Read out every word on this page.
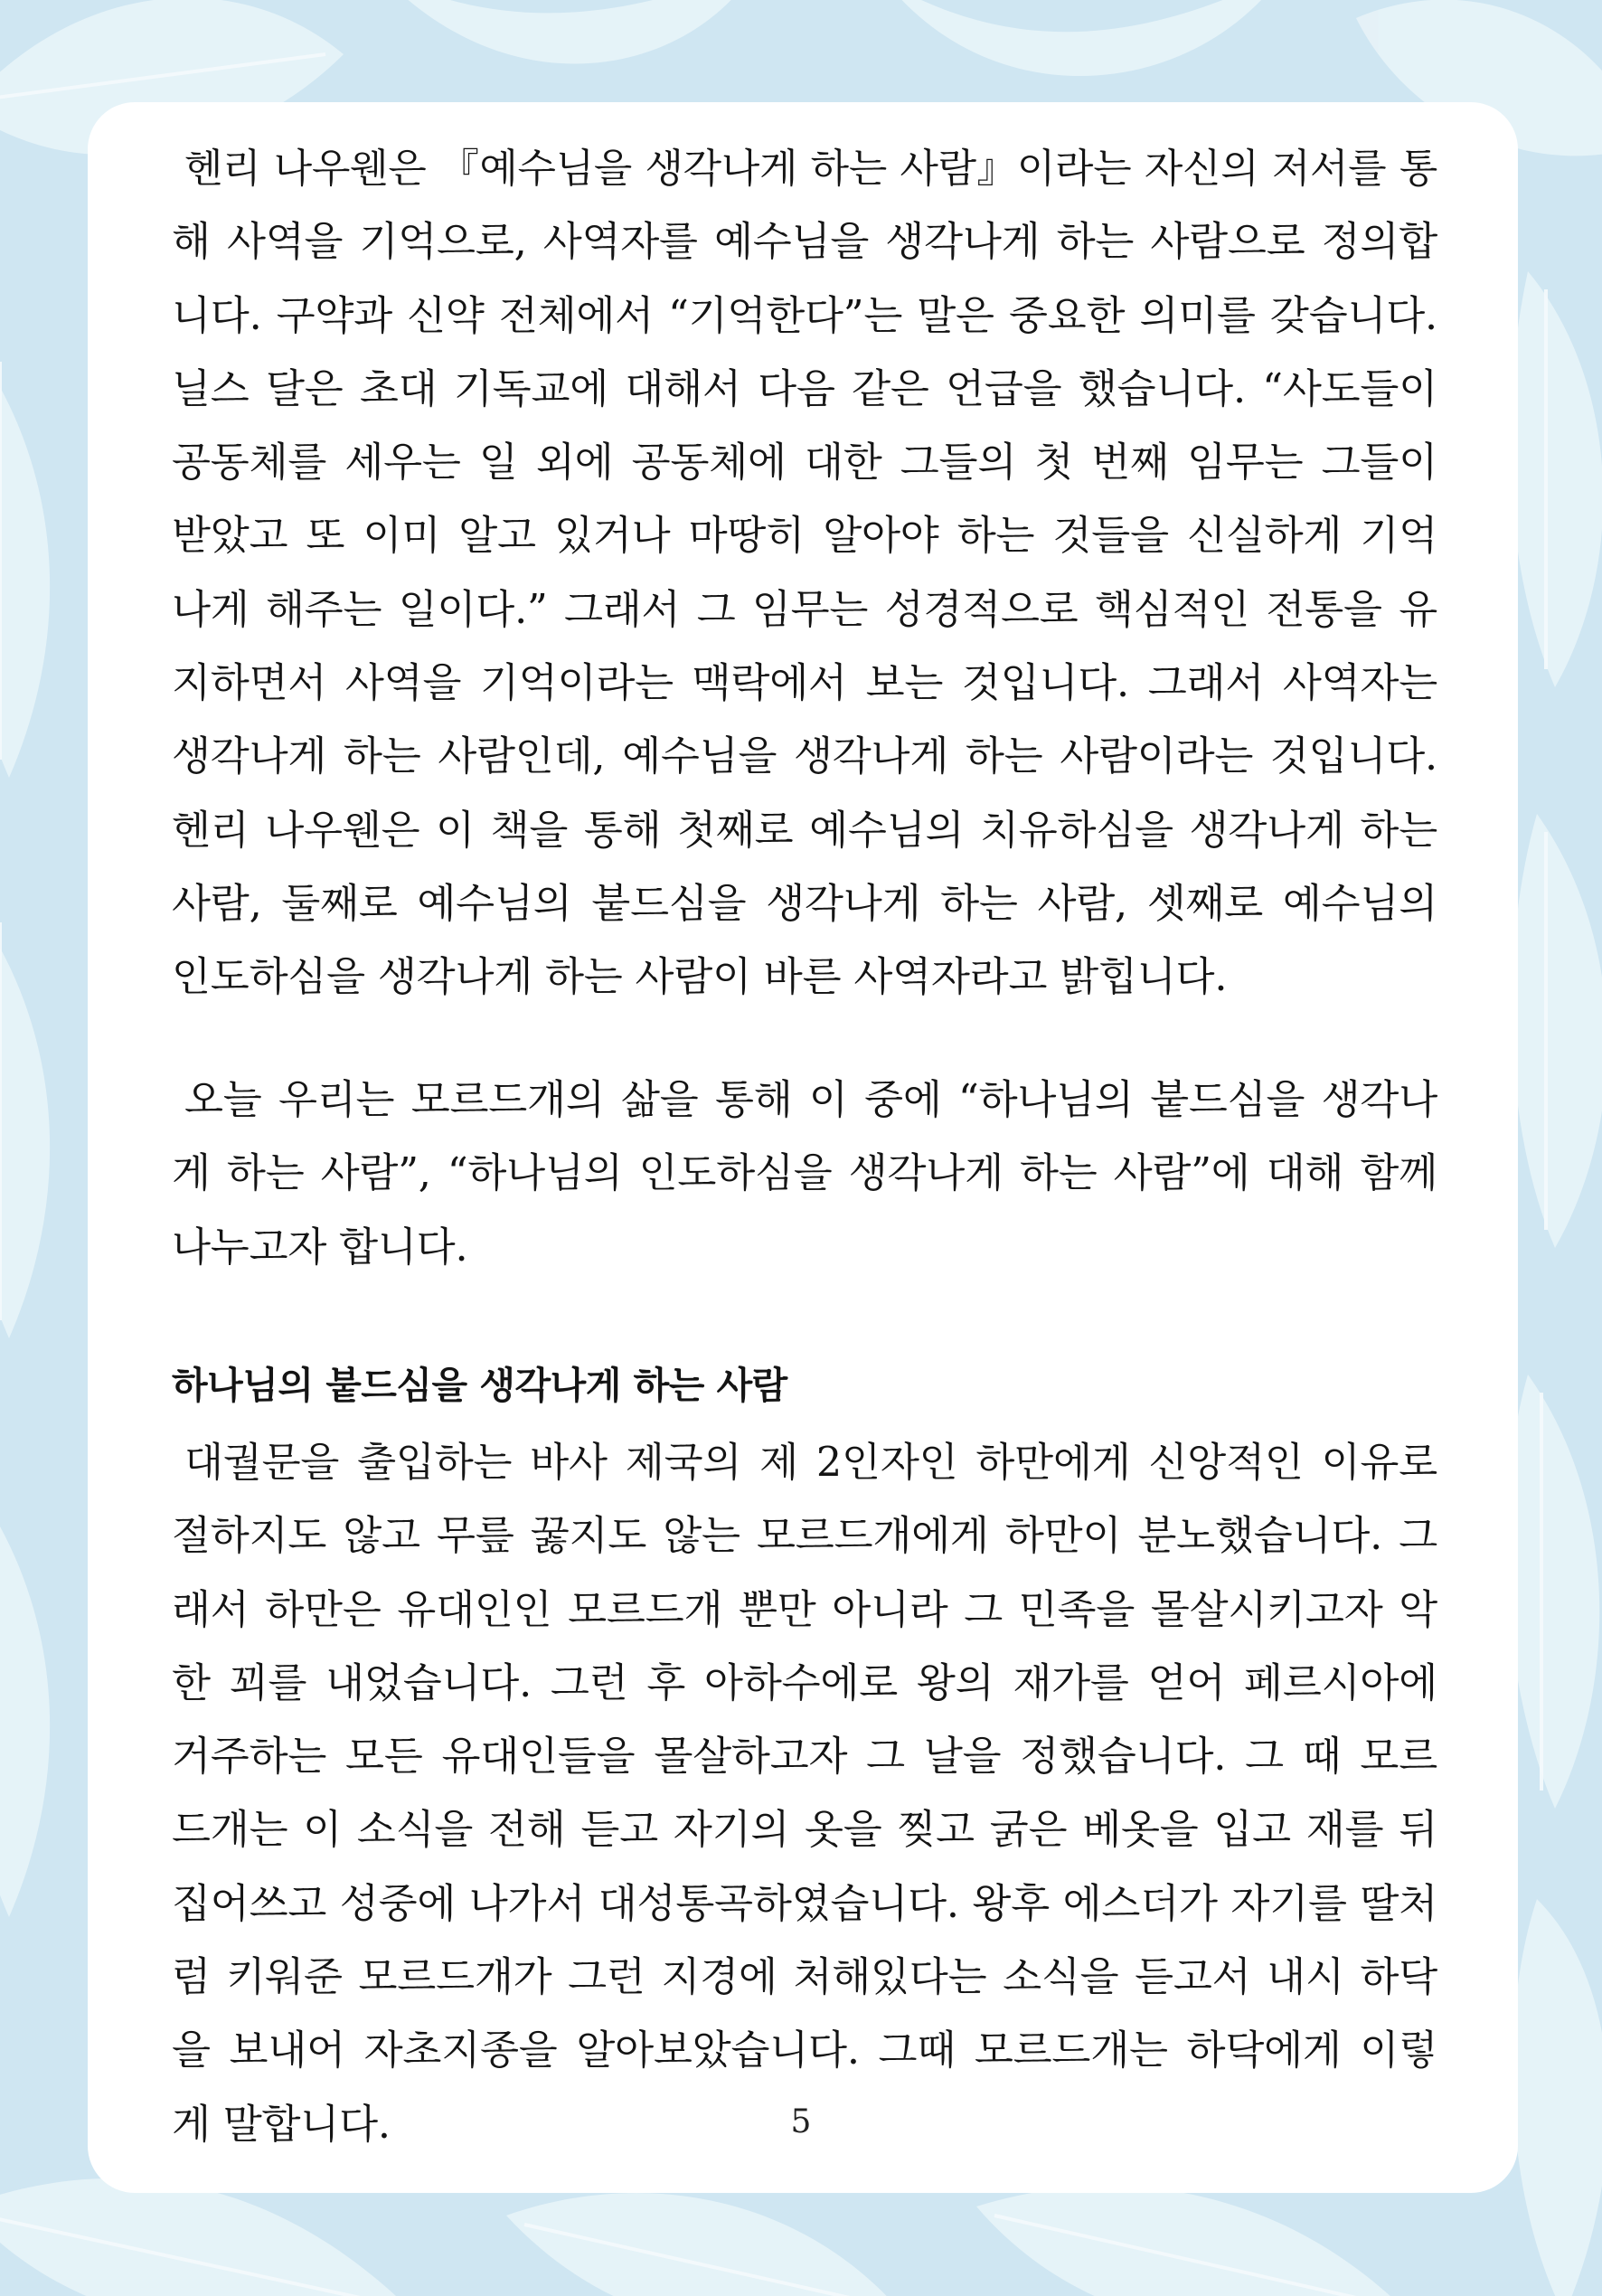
헨리 나우웬은 『예수님을 생각나게 하는 사람』이라는 자신의 저서를 통
해 사역을 기억으로, 사역자를 예수님을 생각나게 하는 사람으로 정의합
니다. 구약과 신약 전체에서 “기억한다”는 말은 중요한 의미를 갖습니다.
닐스 달은 초대 기독교에 대해서 다음 같은 언급을 했습니다. “사도들이
공동체를 세우는 일 외에 공동체에 대한 그들의 첫 번째 임무는 그들이
받았고 또 이미 알고 있거나 마땅히 알아야 하는 것들을 신실하게 기억
나게 해주는 일이다.” 그래서 그 임무는 성경적으로 핵심적인 전통을 유
지하면서 사역을 기억이라는 맥락에서 보는 것입니다. 그래서 사역자는
생각나게 하는 사람인데, 예수님을 생각나게 하는 사람이라는 것입니다.
헨리 나우웬은 이 책을 통해 첫째로 예수님의 치유하심을 생각나게 하는
사람, 둘째로 예수님의 붙드심을 생각나게 하는 사람, 셋째로 예수님의
인도하심을 생각나게 하는 사람이 바른 사역자라고 밝힙니다.
오늘 우리는 모르드개의 삶을 통해 이 중에 “하나님의 붙드심을 생각나
게 하는 사람”, “하나님의 인도하심을 생각나게 하는 사람”에 대해 함께
나누고자 합니다.
하나님의 붙드심을 생각나게 하는 사람
대궐문을 출입하는 바사 제국의 제 2인자인 하만에게 신앙적인 이유로
절하지도 않고 무릎 꿇지도 않는 모르드개에게 하만이 분노했습니다. 그
래서 하만은 유대인인 모르드개 뿐만 아니라 그 민족을 몰살시키고자 악
한 꾀를 내었습니다. 그런 후 아하수에로 왕의 재가를 얻어 페르시아에
거주하는 모든 유대인들을 몰살하고자 그 날을 정했습니다. 그 때 모르
드개는 이 소식을 전해 듣고 자기의 옷을 찢고 굵은 베옷을 입고 재를 뒤
집어쓰고 성중에 나가서 대성통곡하였습니다. 왕후 에스더가 자기를 딸처
럼 키워준 모르드개가 그런 지경에 처해있다는 소식을 듣고서 내시 하닥
을 보내어 자초지종을 알아보았습니다. 그때 모르드개는 하닥에게 이렇
게 말합니다.	5
